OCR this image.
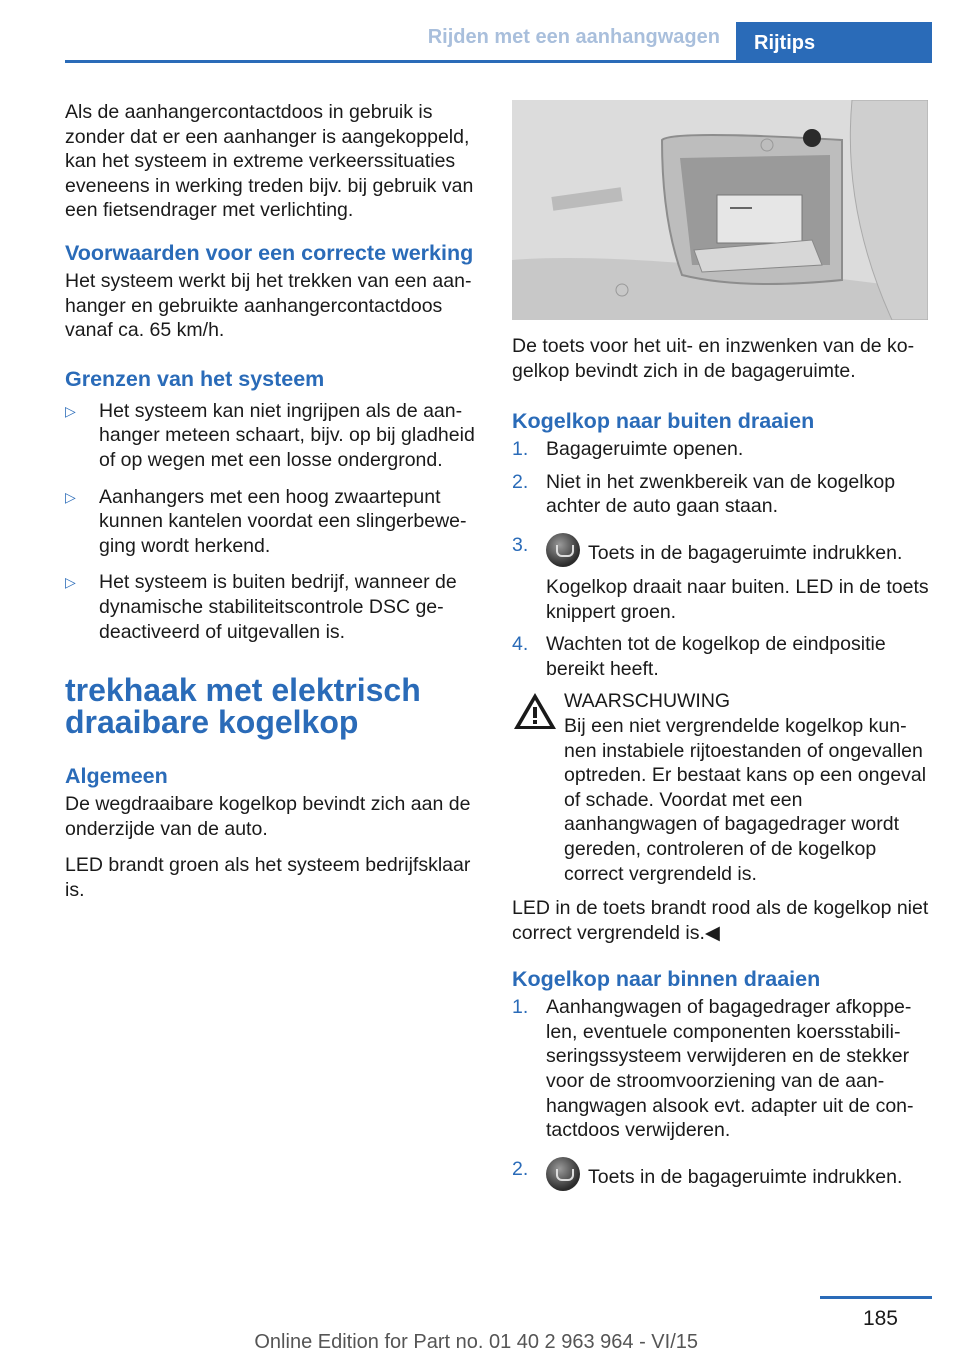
Rijden met een aanhangwagen	Rijtips

Als de aanhangercontactdoos in gebruik is zonder dat er een aanhanger is aangekoppeld, kan het systeem in extreme verkeerssituaties eveneens in werking treden bijv. bij gebruik van een fietsendrager met verlichting.

Voorwaarden voor een correcte werking

Het systeem werkt bij het trekken van een aanhanger en gebruikte aanhangercontactdoos vanaf ca. 65 km/h.

Grenzen van het systeem
▷ Het systeem kan niet ingrijpen als de aanhanger meteen schaart, bijv. op bij gladheid of op wegen met een losse ondergrond.
▷ Aanhangers met een hoog zwaartepunt kunnen kantelen voordat een slingerbeweging wordt herkend.
▷ Het systeem is buiten bedrijf, wanneer de dynamische stabiliteitscontrole DSC gedeactiveerd of uitgevallen is.
trekhaak met elektrisch draaibare kogelkop
Algemeen

De wegdraaibare kogelkop bevindt zich aan de onderzijde van de auto.

LED brandt groen als het systeem bedrijfsklaar is.

De toets voor het uit- en inzwenken van de kogelkop bevindt zich in de bagageruimte.

Kogelkop naar buiten draaien
1. Bagageruimte openen.
2. Niet in het zwenkbereik van de kogelkop achter de auto gaan staan.
3.	Toets in de bagageruimte indrukken.
Kogelkop draait naar buiten. LED in de toets knippert groen.
4. Wachten tot de kogelkop de eindpositie bereikt heeft.
WAARSCHUWING
Bij een niet vergrendelde kogelkop kunnen instabiele rijtoestanden of ongevallen optreden. Er bestaat kans op een ongeval of schade. Voordat met een aanhangwagen of bagagedrager wordt gereden, controleren of de kogelkop correct vergrendeld is.

LED in de toets brandt rood als de kogelkop niet correct vergrendeld is.◀

Kogelkop naar binnen draaien
1. Aanhangwagen of bagagedrager afkoppelen, eventuele componenten koersstabiliseringssysteem verwijderen en de stekker voor de stroomvoorziening van de aanhangwagen alsook evt. adapter uit de contactdoos verwijderen.
2.	Toets in de bagageruimte indrukken.
185
Online Edition for Part no. 01 40 2 963 964 - VI/15
